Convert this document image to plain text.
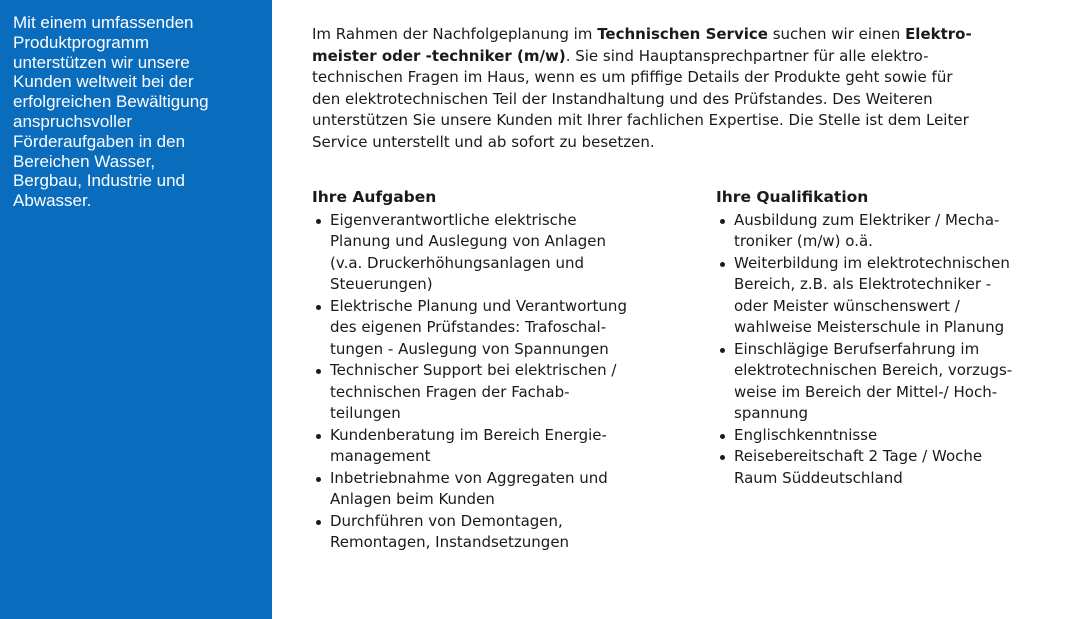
Mit einem umfassenden
Produktprogramm
unterstützen wir unsere
Kunden weltweit bei der
erfolgreichen Bewältigung
anspruchsvoller
Förderaufgaben in den
Bereichen Wasser,
Bergbau, Industrie und
Abwasser.

Im Rahmen der Nachfolgeplanung im Technischen Service suchen wir einen Elektro-
meister oder -techniker (m/w). Sie sind Hauptansprechpartner für alle elektro-
technischen Fragen im Haus, wenn es um pfiffige Details der Produkte geht sowie für
den elektrotechnischen Teil der Instandhaltung und des Prüfstandes. Des Weiteren
unterstützen Sie unsere Kunden mit Ihrer fachlichen Expertise. Die Stelle ist dem Leiter
Service unterstellt und ab sofort zu besetzen.

Ihre Aufgaben
Eigenverantwortliche elektrische
Planung und Auslegung von Anlagen
(v.a. Druckerhöhungsanlagen und
Steuerungen)
Elektrische Planung und Verantwortung
des eigenen Prüfstandes: Trafoschal-
tungen - Auslegung von Spannungen
Technischer Support bei elektrischen /
technischen Fragen der Fachab-
teilungen
Kundenberatung im Bereich Energie-
management
Inbetriebnahme von Aggregaten und
Anlagen beim Kunden
Durchführen von Demontagen,
Remontagen, Instandsetzungen
Ihre Qualifikation
Ausbildung zum Elektriker / Mecha-
troniker (m/w) o.ä.
Weiterbildung im elektrotechnischen
Bereich, z.B. als Elektrotechniker -
oder Meister wünschenswert /
wahlweise Meisterschule in Planung
Einschlägige Berufserfahrung im
elektrotechnischen Bereich, vorzugs-
weise im Bereich der Mittel-/ Hoch-
spannung
Englischkenntnisse
Reisebereitschaft 2 Tage / Woche
Raum Süddeutschland
